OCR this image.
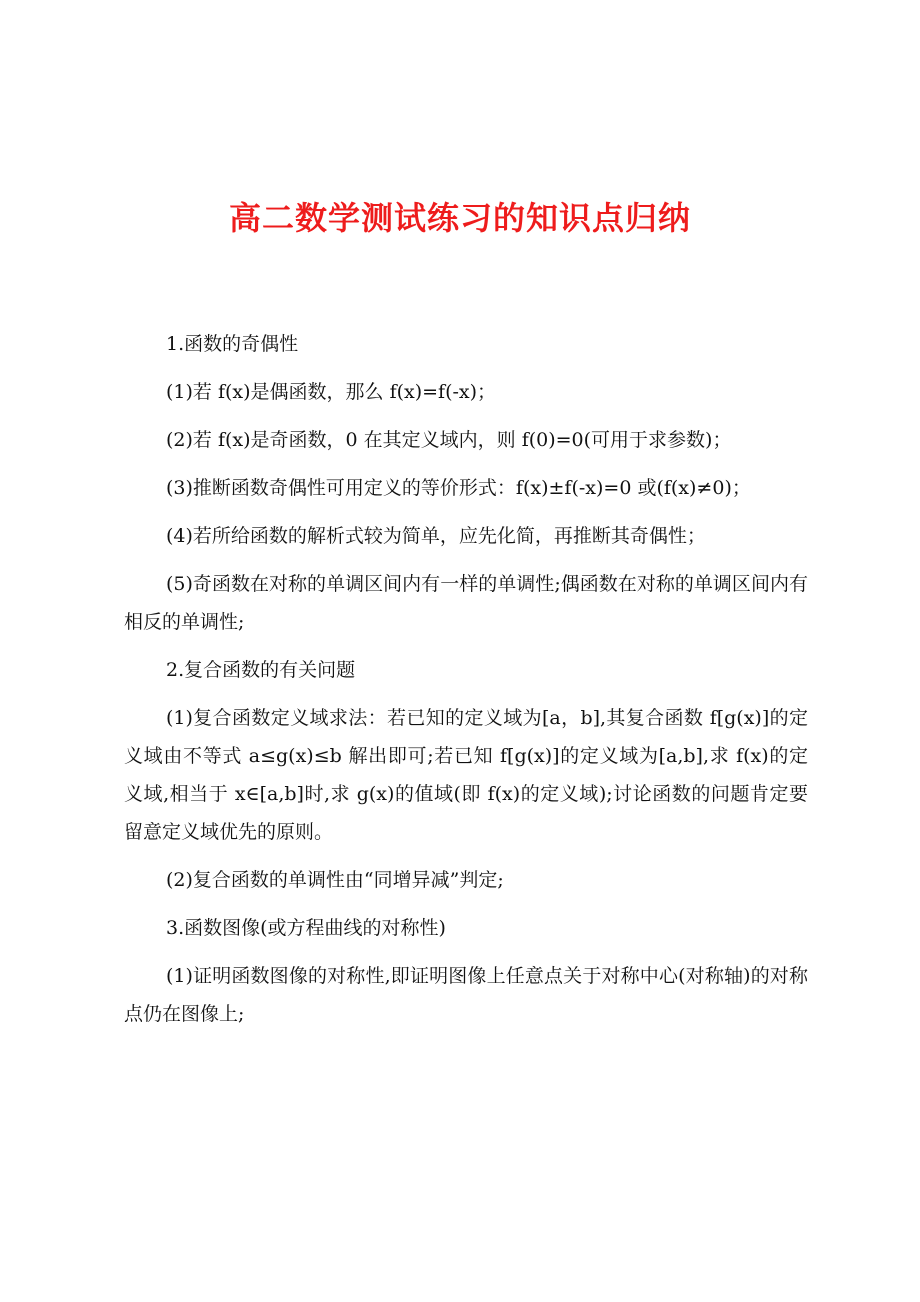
高二数学测试练习的知识点归纳

1.函数的奇偶性

(1)若 f(x)是偶函数，那么 f(x)=f(-x)；

(2)若 f(x)是奇函数，0 在其定义域内，则 f(0)=0(可用于求参数)；

(3)推断函数奇偶性可用定义的等价形式：f(x)±f(-x)=0 或(f(x)≠0)；

(4)若所给函数的解析式较为简单，应先化简，再推断其奇偶性；

(5)奇函数在对称的单调区间内有一样的单调性;偶函数在对称的单调区间内有相反的单调性;

2.复合函数的有关问题

(1)复合函数定义域求法：若已知的定义域为[a，b],其复合函数 f[g(x)]的定义域由不等式 a≤g(x)≤b 解出即可;若已知 f[g(x)]的定义域为[a,b],求 f(x)的定义域,相当于 x∈[a,b]时,求 g(x)的值域(即 f(x)的定义域);讨论函数的问题肯定要留意定义域优先的原则。

(2)复合函数的单调性由“同增异减”判定;

3.函数图像(或方程曲线的对称性)

(1)证明函数图像的对称性,即证明图像上任意点关于对称中心(对称轴)的对称点仍在图像上;
